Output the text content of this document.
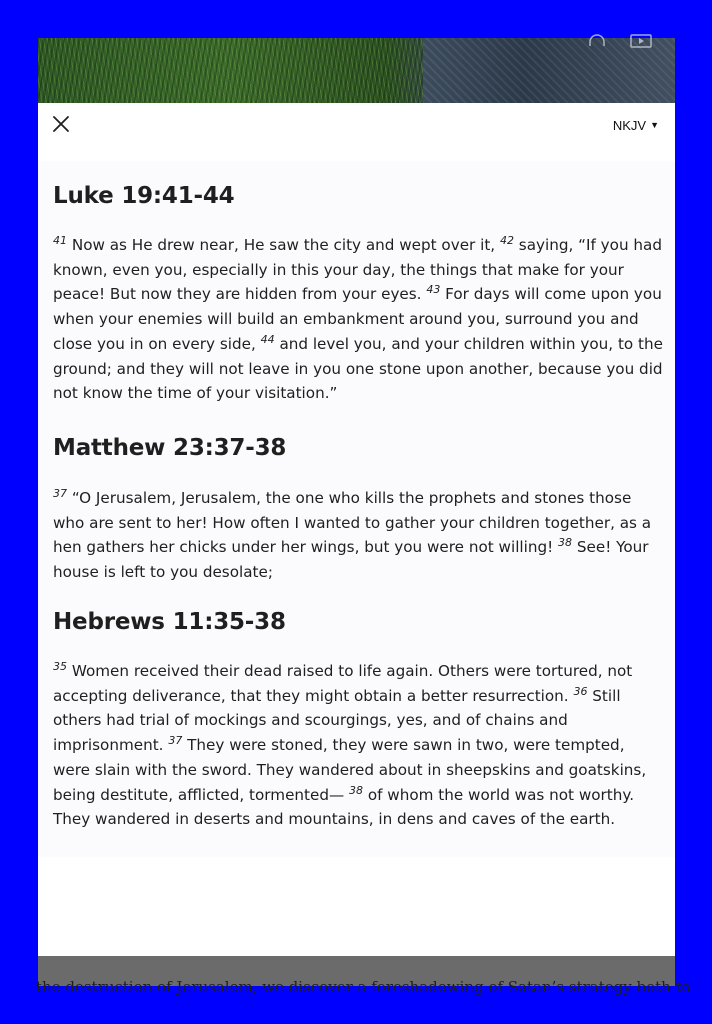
NKJV ▼
Luke 19:41-44

$^{41}$ Now as He drew near, He saw the city and wept over it, $^{42}$ saying, “If you had known, even you, especially in this your day, the things that make for your peace! But now they are hidden from your eyes. $^{43}$ For days will come upon you when your enemies will build an embankment around you, surround you and close you in on every side, $^{44}$ and level you, and your children within you, to the ground; and they will not leave in you one stone upon another, because you did not know the time of your visitation.”

Matthew 23:37-38

$^{37}$ “O Jerusalem, Jerusalem, the one who kills the prophets and stones those who are sent to her! How often I wanted to gather your children together, as a hen gathers her chicks under her wings, but you were not willing! $^{38}$ See! Your house is left to you desolate;

Hebrews 11:35-38

$^{35}$ Women received their dead raised to life again. Others were tortured, not accepting deliverance, that they might obtain a better resurrection. $^{36}$ Still others had trial of mockings and scourgings, yes, and of chains and imprisonment. $^{37}$ They were stoned, they were sawn in two, were tempted, were slain with the sword. They wandered about in sheepskins and goatskins, being destitute, afflicted, tormented— $^{38}$ of whom the world was not worthy. They wandered in deserts and mountains, in dens and caves of the earth.

the destruction of Jerusalem, we discover a foreshadowing of Satan’s strategy both to
